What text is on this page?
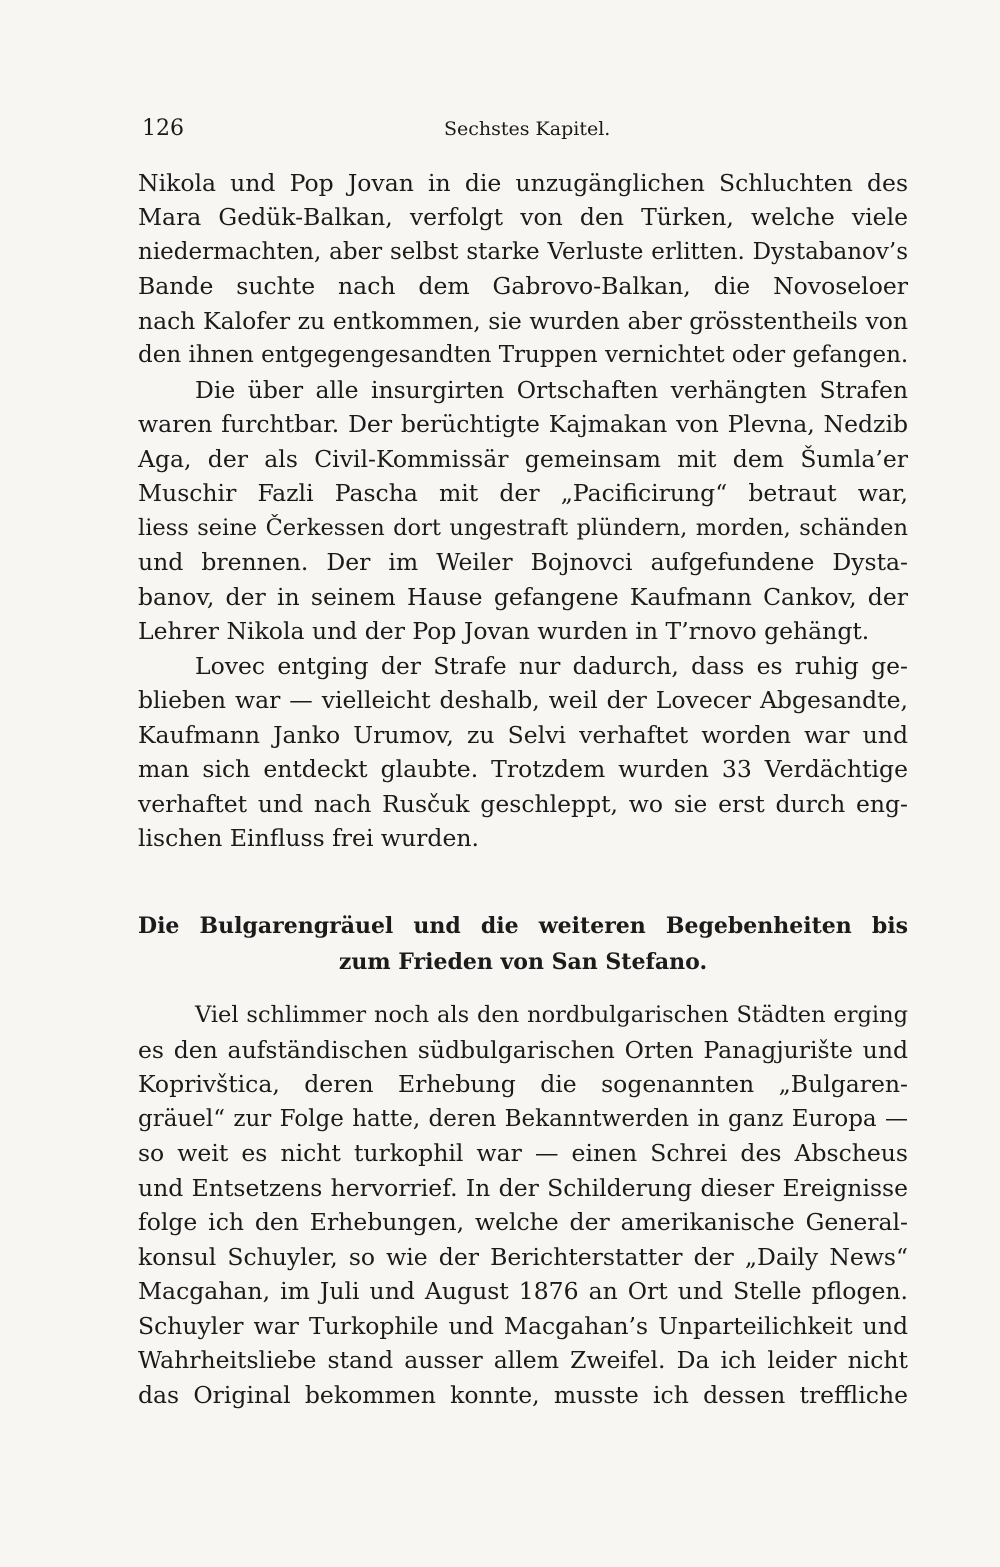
126	Sechstes Kapitel.
Nikola und Pop Jovan in die unzugänglichen Schluchten des
Mara Gedük-Balkan, verfolgt von den Türken, welche viele
niedermachten, aber selbst starke Verluste erlitten. Dystabanov’s
Bande suchte nach dem Gabrovo-Balkan, die Novoseloer
nach Kalofer zu entkommen, sie wurden aber grösstentheils von
den ihnen entgegengesandten Truppen vernichtet oder gefangen.
Die über alle insurgirten Ortschaften verhängten Strafen
waren furchtbar. Der berüchtigte Kajmakan von Plevna, Nedzib
Aga, der als Civil-Kommissär gemeinsam mit dem Šumla’er
Muschir Fazli Pascha mit der „Pacificirung“ betraut war,
liess seine Čerkessen dort ungestraft plündern, morden, schänden
und brennen. Der im Weiler Bojnovci aufgefundene Dysta-
banov, der in seinem Hause gefangene Kaufmann Cankov, der
Lehrer Nikola und der Pop Jovan wurden in T’rnovo gehängt.
Lovec entging der Strafe nur dadurch, dass es ruhig ge-
blieben war — vielleicht deshalb, weil der Lovecer Abgesandte,
Kaufmann Janko Urumov, zu Selvi verhaftet worden war und
man sich entdeckt glaubte. Trotzdem wurden 33 Verdächtige
verhaftet und nach Rusčuk geschleppt, wo sie erst durch eng-
lischen Einfluss frei wurden.
Die Bulgarengräuel und die weiteren Begebenheiten bis
zum Frieden von San Stefano.
Viel schlimmer noch als den nordbulgarischen Städten erging
es den aufständischen südbulgarischen Orten Panagjurište und
Koprivštica, deren Erhebung die sogenannten „Bulgaren-
gräuel“ zur Folge hatte, deren Bekanntwerden in ganz Europa —
so weit es nicht turkophil war — einen Schrei des Abscheus
und Entsetzens hervorrief. In der Schilderung dieser Ereignisse
folge ich den Erhebungen, welche der amerikanische General-
konsul Schuyler, so wie der Berichterstatter der „Daily News“
Macgahan, im Juli und August 1876 an Ort und Stelle pflogen.
Schuyler war Turkophile und Macgahan’s Unparteilichkeit und
Wahrheitsliebe stand ausser allem Zweifel. Da ich leider nicht
das Original bekommen konnte, musste ich dessen treffliche
